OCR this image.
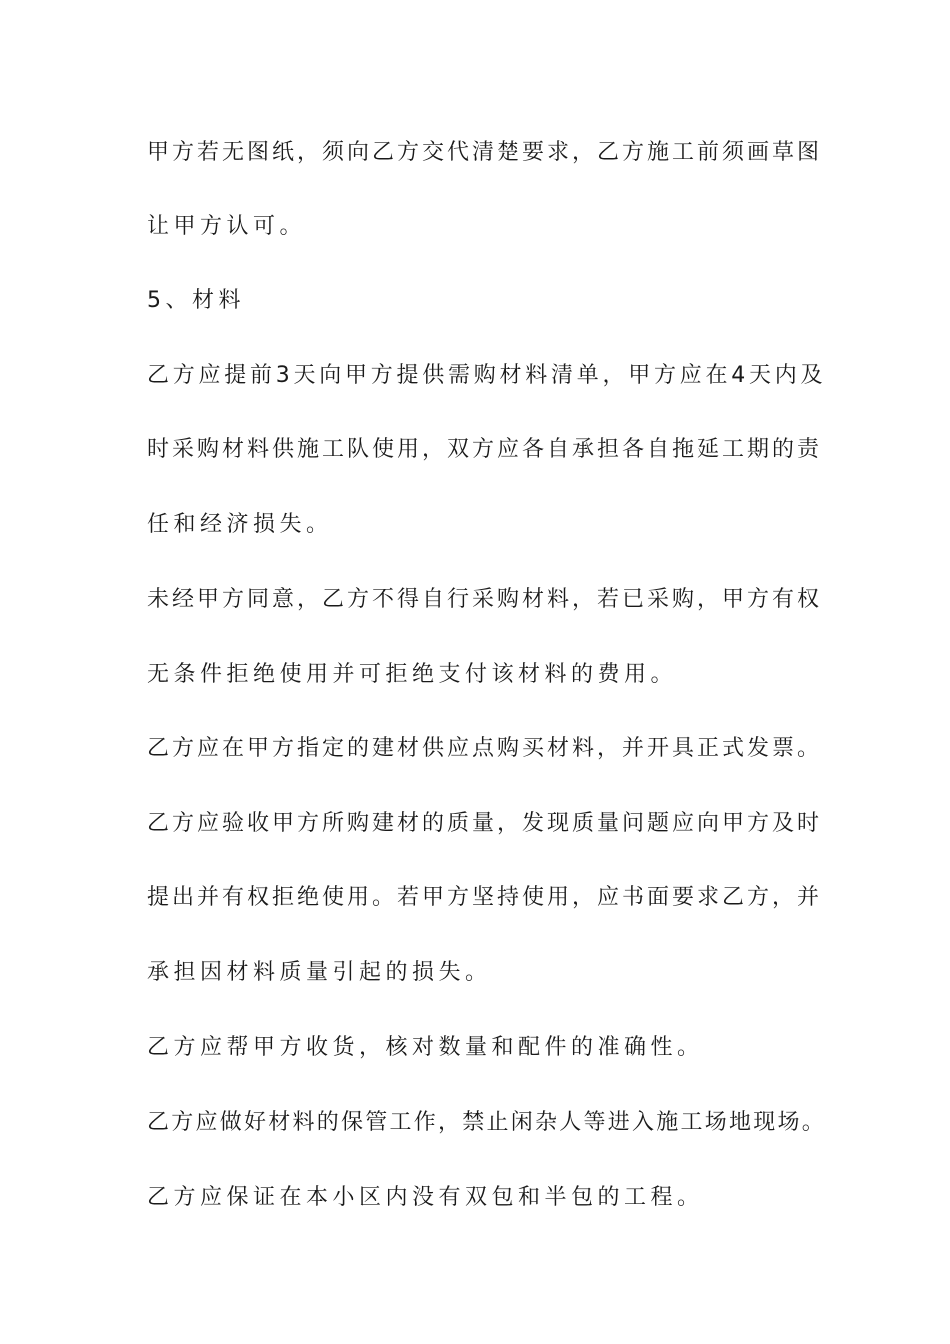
甲方若无图纸，须向乙方交代清楚要求，乙方施工前须画草图
让甲方认可。
5、材料
乙方应提前3天向甲方提供需购材料清单，甲方应在4天内及
时采购材料供施工队使用，双方应各自承担各自拖延工期的责
任和经济损失。
未经甲方同意，乙方不得自行采购材料，若已采购，甲方有权
无条件拒绝使用并可拒绝支付该材料的费用。
乙方应在甲方指定的建材供应点购买材料，并开具正式发票。
乙方应验收甲方所购建材的质量，发现质量问题应向甲方及时
提出并有权拒绝使用。若甲方坚持使用，应书面要求乙方，并
承担因材料质量引起的损失。
乙方应帮甲方收货，核对数量和配件的准确性。
乙方应做好材料的保管工作，禁止闲杂人等进入施工场地现场。
乙方应保证在本小区内没有双包和半包的工程。
